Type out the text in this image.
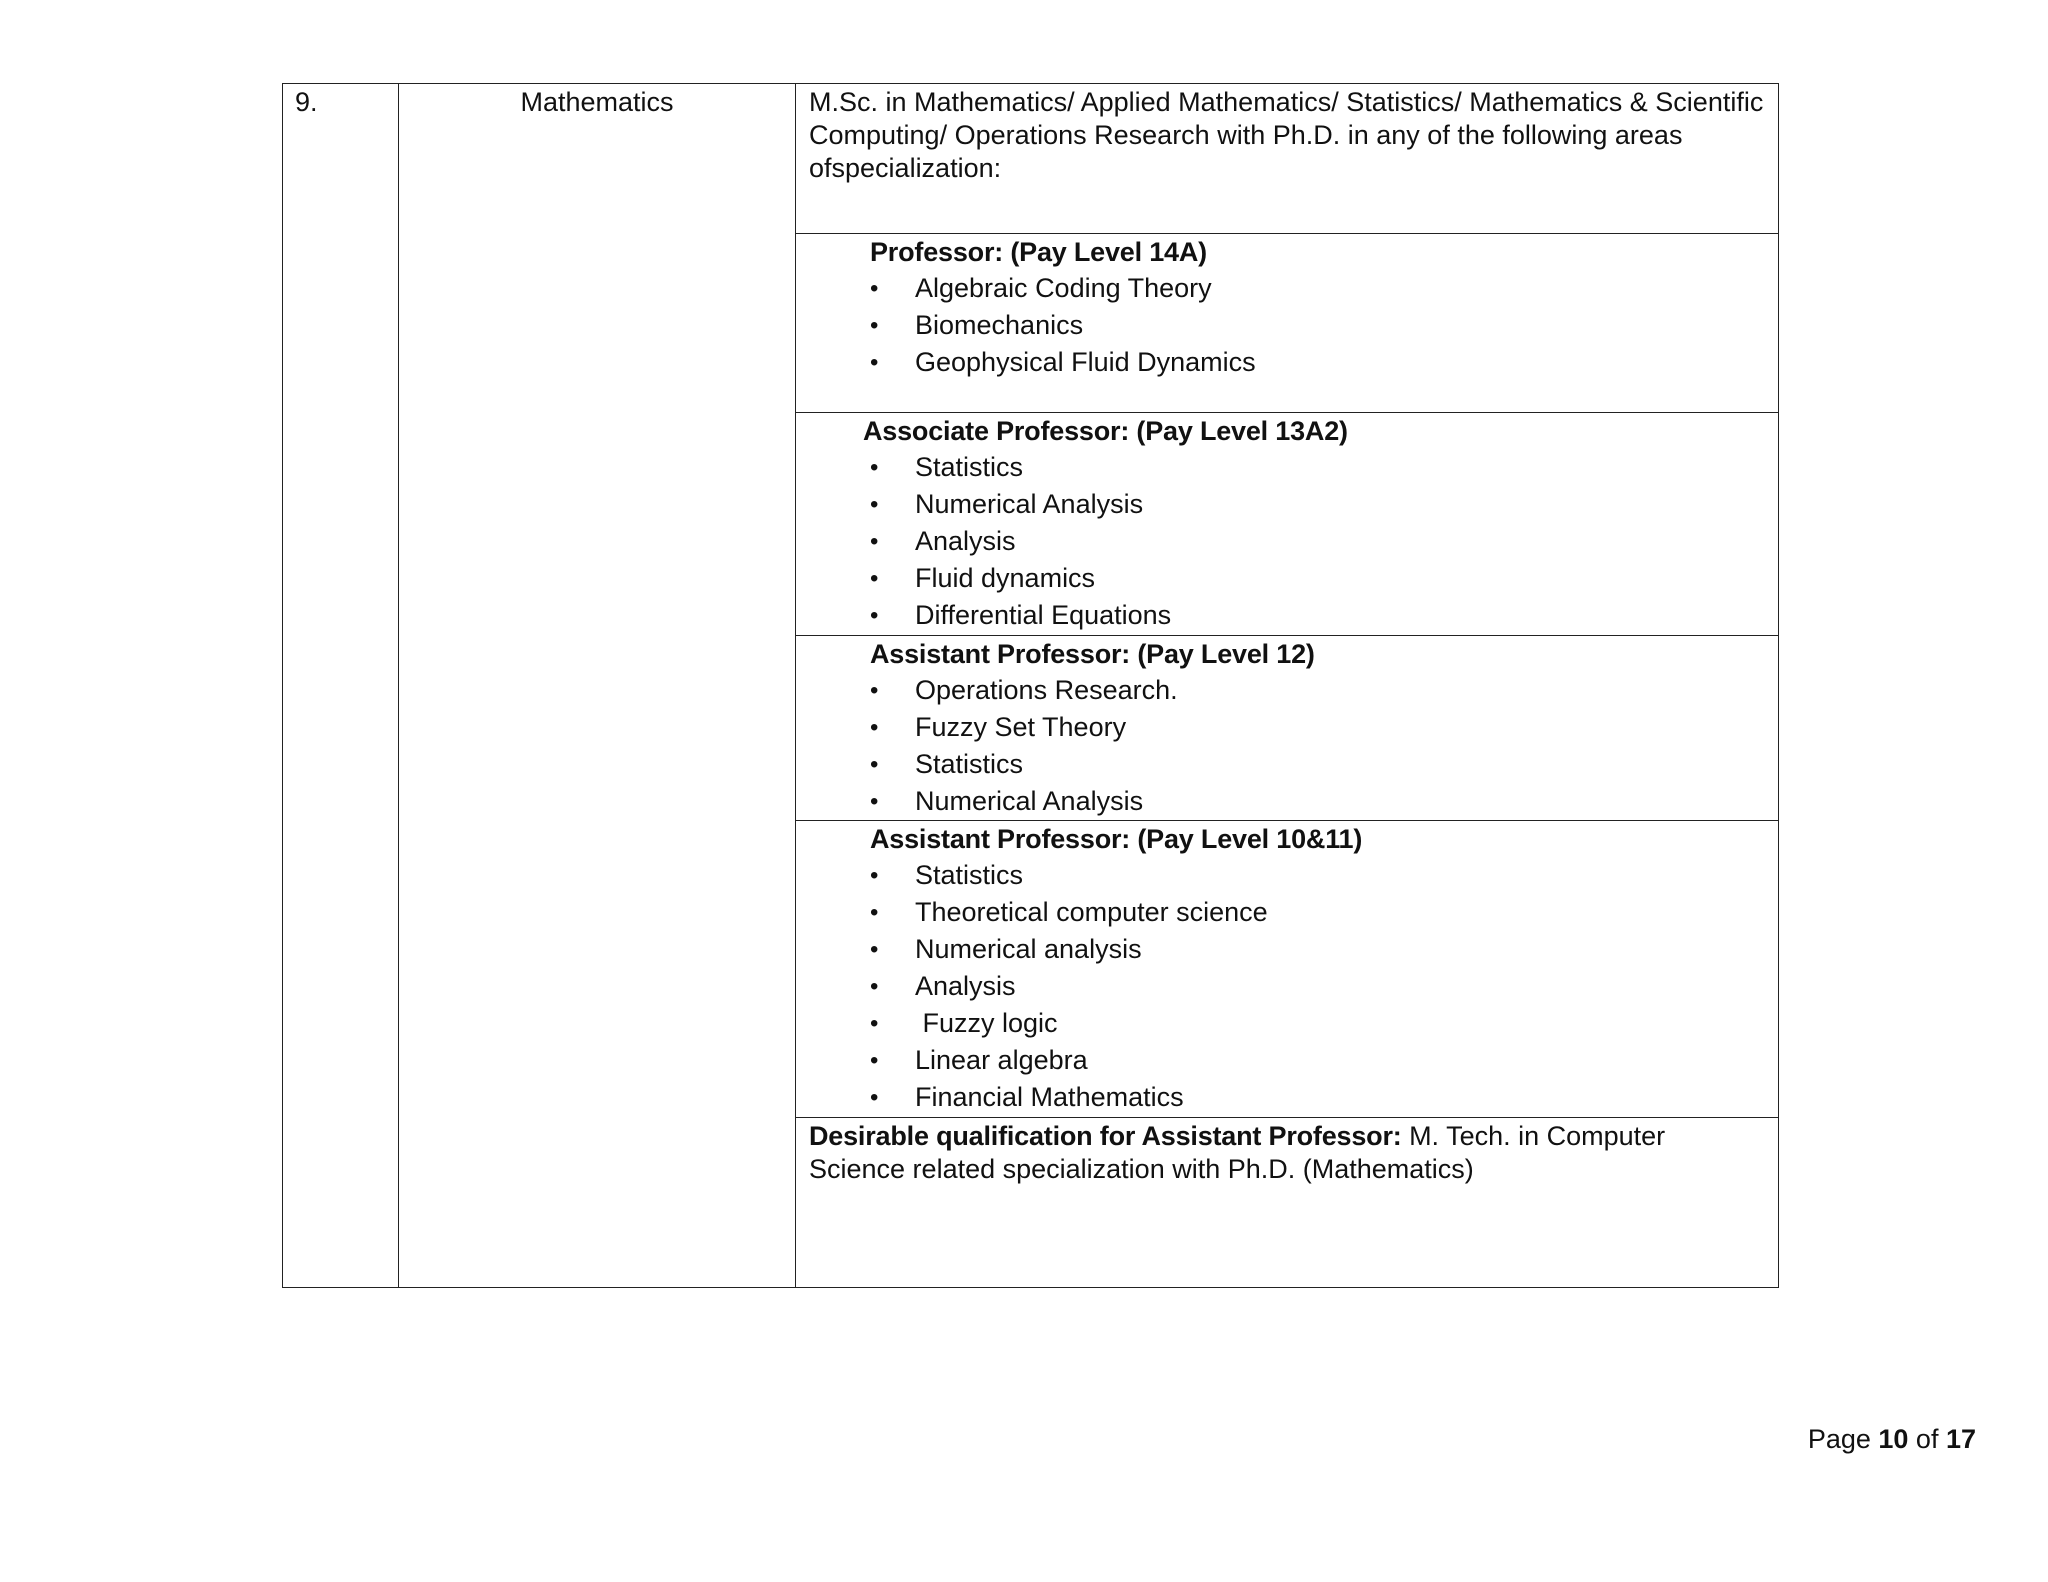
9.	Mathematics	M.Sc. in Mathematics/ Applied Mathematics/ Statistics/ Mathematics & Scientific Computing/ Operations Research with Ph.D. in any of the following areas ofspecialization:

Professor: (Pay Level 14A)
• Algebraic Coding Theory
• Biomechanics
• Geophysical Fluid Dynamics

Associate Professor: (Pay Level 13A2)
• Statistics
• Numerical Analysis
• Analysis
• Fluid dynamics
• Differential Equations

Assistant Professor: (Pay Level 12)
• Operations Research.
• Fuzzy Set Theory
• Statistics
• Numerical Analysis

Assistant Professor: (Pay Level 10&11)
• Statistics
• Theoretical computer science
• Numerical analysis
• Analysis
• Fuzzy logic
• Linear algebra
• Financial Mathematics

Desirable qualification for Assistant Professor: M. Tech. in Computer Science related specialization with Ph.D. (Mathematics)
Page 10 of 17
